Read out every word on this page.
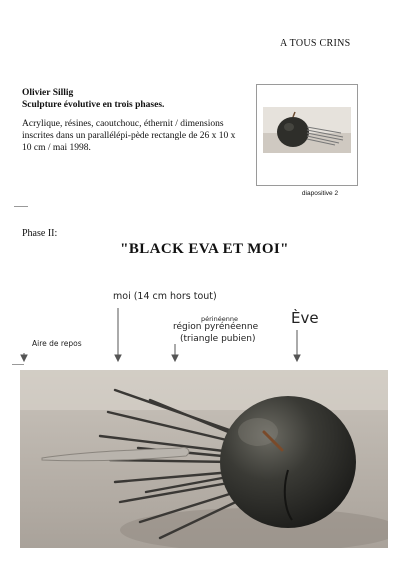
A TOUS CRINS
Olivier Sillig
Sculpture évolutive en trois phases.
Acrylique, résines, caoutchouc, éthernit / dimensions inscrites dans un parallélépi-pède rectangle de 26 x 10 x 10 cm / mai 1998.
diapositive 2
Phase II:
"BLACK EVA ET MOI"
moi (14 cm hors tout)
périnéenne
région pyrénéenne
(triangle pubien)
Ève
Aire de repos
